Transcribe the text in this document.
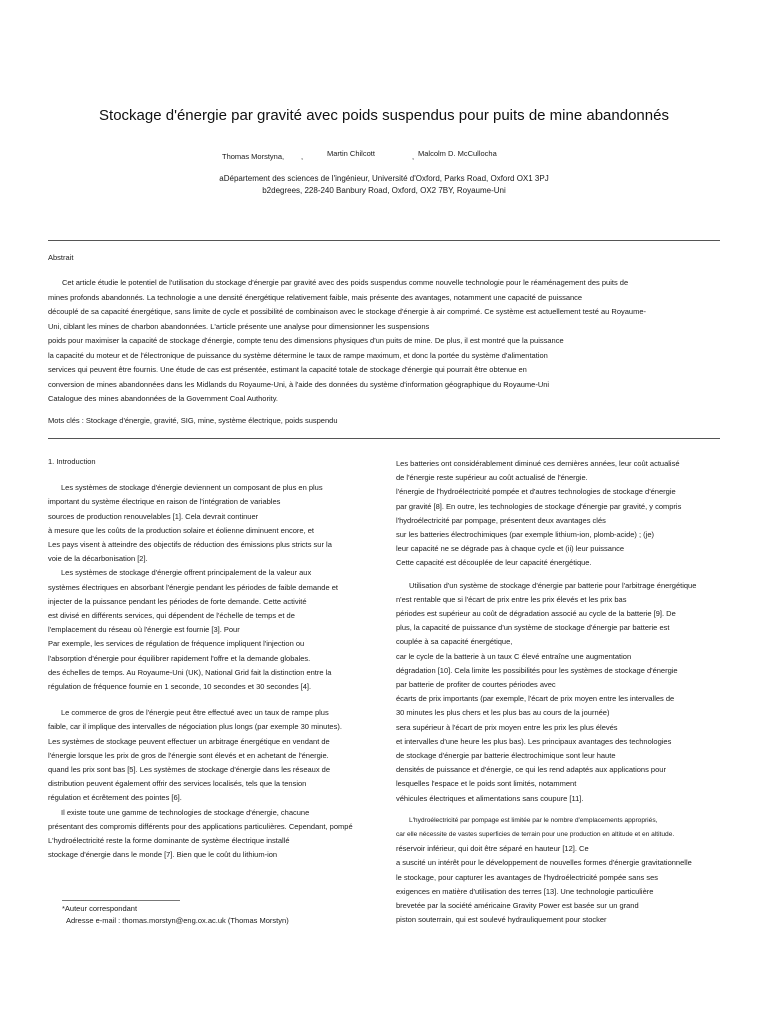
Stockage d'énergie par gravité avec poids suspendus pour puits de mine abandonnés
Thomas Morstyna, ,	Martin Chilcott	, Malcolm D. McCullocha
aDépartement des sciences de l'ingénieur, Université d'Oxford, Parks Road, Oxford OX1 3PJ
b2degrees, 228-240 Banbury Road, Oxford, OX2 7BY, Royaume-Uni
Abstrait
Cet article étudie le potentiel de l'utilisation du stockage d'énergie par gravité avec des poids suspendus comme nouvelle technologie pour le réaménagement des puits de
mines profonds abandonnés. La technologie a une densité énergétique relativement faible, mais présente des avantages, notamment une capacité de puissance
découplé de sa capacité énergétique, sans limite de cycle et possibilité de combinaison avec le stockage d'énergie à air comprimé. Ce système est actuellement testé au Royaume-
Uni, ciblant les mines de charbon abandonnées. L'article présente une analyse pour dimensionner les suspensions
poids pour maximiser la capacité de stockage d'énergie, compte tenu des dimensions physiques d'un puits de mine. De plus, il est montré que la puissance
la capacité du moteur et de l'électronique de puissance du système détermine le taux de rampe maximum, et donc la portée du système d'alimentation
services qui peuvent être fournis. Une étude de cas est présentée, estimant la capacité totale de stockage d'énergie qui pourrait être obtenue en
conversion de mines abandonnées dans les Midlands du Royaume-Uni, à l'aide des données du système d'information géographique du Royaume-Uni
Catalogue des mines abandonnées de la Government Coal Authority.
Mots clés : Stockage d'énergie, gravité, SIG, mine, système électrique, poids suspendu
1. Introduction
Les systèmes de stockage d'énergie deviennent un composant de plus en plus
important du système électrique en raison de l'intégration de variables
sources de production renouvelables [1]. Cela devrait continuer
à mesure que les coûts de la production solaire et éolienne diminuent encore, et
Les pays visent à atteindre des objectifs de réduction des émissions plus stricts sur la
voie de la décarbonisation [2].
Les systèmes de stockage d'énergie offrent principalement de la valeur aux
systèmes électriques en absorbant l'énergie pendant les périodes de faible demande et
injecter de la puissance pendant les périodes de forte demande. Cette activité
est divisé en différents services, qui dépendent de l'échelle de temps et de
l'emplacement du réseau où l'énergie est fournie [3]. Pour
Par exemple, les services de régulation de fréquence impliquent l'injection ou
l'absorption d'énergie pour équilibrer rapidement l'offre et la demande globales.
des échelles de temps. Au Royaume-Uni (UK), National Grid fait la distinction entre la
régulation de fréquence fournie en 1 seconde, 10 secondes et 30 secondes [4].
Le commerce de gros de l'énergie peut être effectué avec un taux de rampe plus
faible, car il implique des intervalles de négociation plus longs (par exemple 30 minutes).
Les systèmes de stockage peuvent effectuer un arbitrage énergétique en vendant de
l'énergie lorsque les prix de gros de l'énergie sont élevés et en achetant de l'énergie.
quand les prix sont bas [5]. Les systèmes de stockage d'énergie dans les réseaux de
distribution peuvent également offrir des services localisés, tels que la tension
régulation et écrêtement des pointes [6].
Il existe toute une gamme de technologies de stockage d'énergie, chacune
présentant des compromis différents pour des applications particulières. Cependant, pompé
L'hydroélectricité reste la forme dominante de système électrique installé
stockage d'énergie dans le monde [7]. Bien que le coût du lithium-ion
Les batteries ont considérablement diminué ces dernières années, leur coût actualisé
de l'énergie reste supérieur au coût actualisé de l'énergie.
l'énergie de l'hydroélectricité pompée et d'autres technologies de stockage d'énergie
par gravité [8]. En outre, les technologies de stockage d'énergie par gravité, y compris
l'hydroélectricité par pompage, présentent deux avantages clés
sur les batteries électrochimiques (par exemple lithium-ion, plomb-acide) ; (je)
leur capacité ne se dégrade pas à chaque cycle et (ii) leur puissance
Cette capacité est découplée de leur capacité énergétique.
Utilisation d'un système de stockage d'énergie par batterie pour l'arbitrage énergétique
n'est rentable que si l'écart de prix entre les prix élevés et les prix bas
périodes est supérieur au coût de dégradation associé au cycle de la batterie [9]. De
plus, la capacité de puissance d'un système de stockage d'énergie par batterie est
couplée à sa capacité énergétique,
car le cycle de la batterie à un taux C élevé entraîne une augmentation
dégradation [10]. Cela limite les possibilités pour les systèmes de stockage d'énergie
par batterie de profiter de courtes périodes avec
écarts de prix importants (par exemple, l'écart de prix moyen entre les intervalles de
30 minutes les plus chers et les plus bas au cours de la journée)
sera supérieur à l'écart de prix moyen entre les prix les plus élevés
et intervalles d'une heure les plus bas). Les principaux avantages des technologies
de stockage d'énergie par batterie électrochimique sont leur haute
densités de puissance et d'énergie, ce qui les rend adaptés aux applications pour
lesquelles l'espace et le poids sont limités, notamment
véhicules électriques et alimentations sans coupure [11].
L'hydroélectricité par pompage est limitée par le nombre d'emplacements appropriés,
car elle nécessite de vastes superficies de terrain pour une production en altitude et en altitude.
réservoir inférieur, qui doit être séparé en hauteur [12]. Ce
a suscité un intérêt pour le développement de nouvelles formes d'énergie gravitationnelle
le stockage, pour capturer les avantages de l'hydroélectricité pompée sans ses
exigences en matière d'utilisation des terres [13]. Une technologie particulière
brevetée par la société américaine Gravity Power est basée sur un grand
piston souterrain, qui est soulevé hydrauliquement pour stocker
*Auteur correspondant
Adresse e-mail : thomas.morstyn@eng.ox.ac.uk (Thomas Morstyn)
